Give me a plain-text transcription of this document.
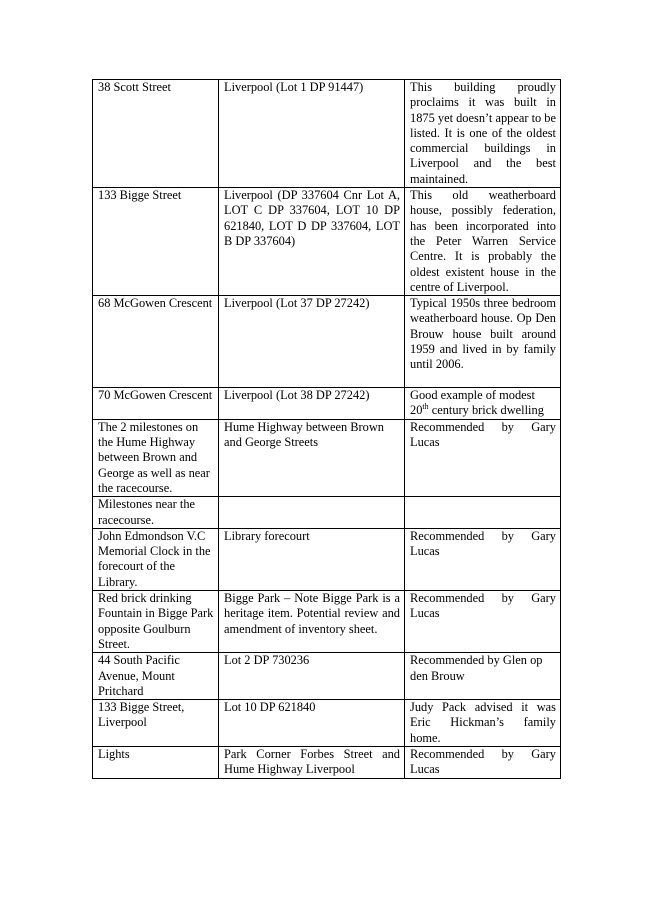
38 Scott Street	Liverpool (Lot 1 DP 91447)	This building proudly proclaims it was built in 1875 yet doesn’t appear to be listed. It is one of the oldest commercial buildings in Liverpool and the best maintained.

133 Bigge Street	Liverpool (DP 337604 Cnr Lot A, LOT C DP 337604, LOT 10 DP 621840, LOT D DP 337604, LOT B DP 337604)	This old weatherboard house, possibly federation, has been incorporated into the Peter Warren Service Centre. It is probably the oldest existent house in the centre of Liverpool.

68 McGowen Crescent	Liverpool (Lot 37 DP 27242)	Typical 1950s three bedroom weatherboard house. Op Den Brouw house built around 1959 and lived in by family until 2006.

70 McGowen Crescent	Liverpool (Lot 38 DP 27242)	Good example of modest 20th century brick dwelling

The 2 milestones on the Hume Highway between Brown and George as well as near the racecourse.	Hume Highway between Brown and George Streets	Recommended by Gary Lucas

Milestones near the racecourse.		

John Edmondson V.C Memorial Clock in the forecourt of the Library.	Library forecourt	Recommended by Gary Lucas

Red brick drinking Fountain in Bigge Park opposite Goulburn Street.	Bigge Park – Note Bigge Park is a heritage item. Potential review and amendment of inventory sheet.	Recommended by Gary Lucas

44 South Pacific Avenue, Mount Pritchard	Lot 2 DP 730236	Recommended by Glen op den Brouw

133 Bigge Street, Liverpool	Lot 10 DP 621840	Judy Pack advised it was Eric Hickman’s family home.

Lights	Park Corner Forbes Street and Hume Highway Liverpool	Recommended by Gary Lucas
